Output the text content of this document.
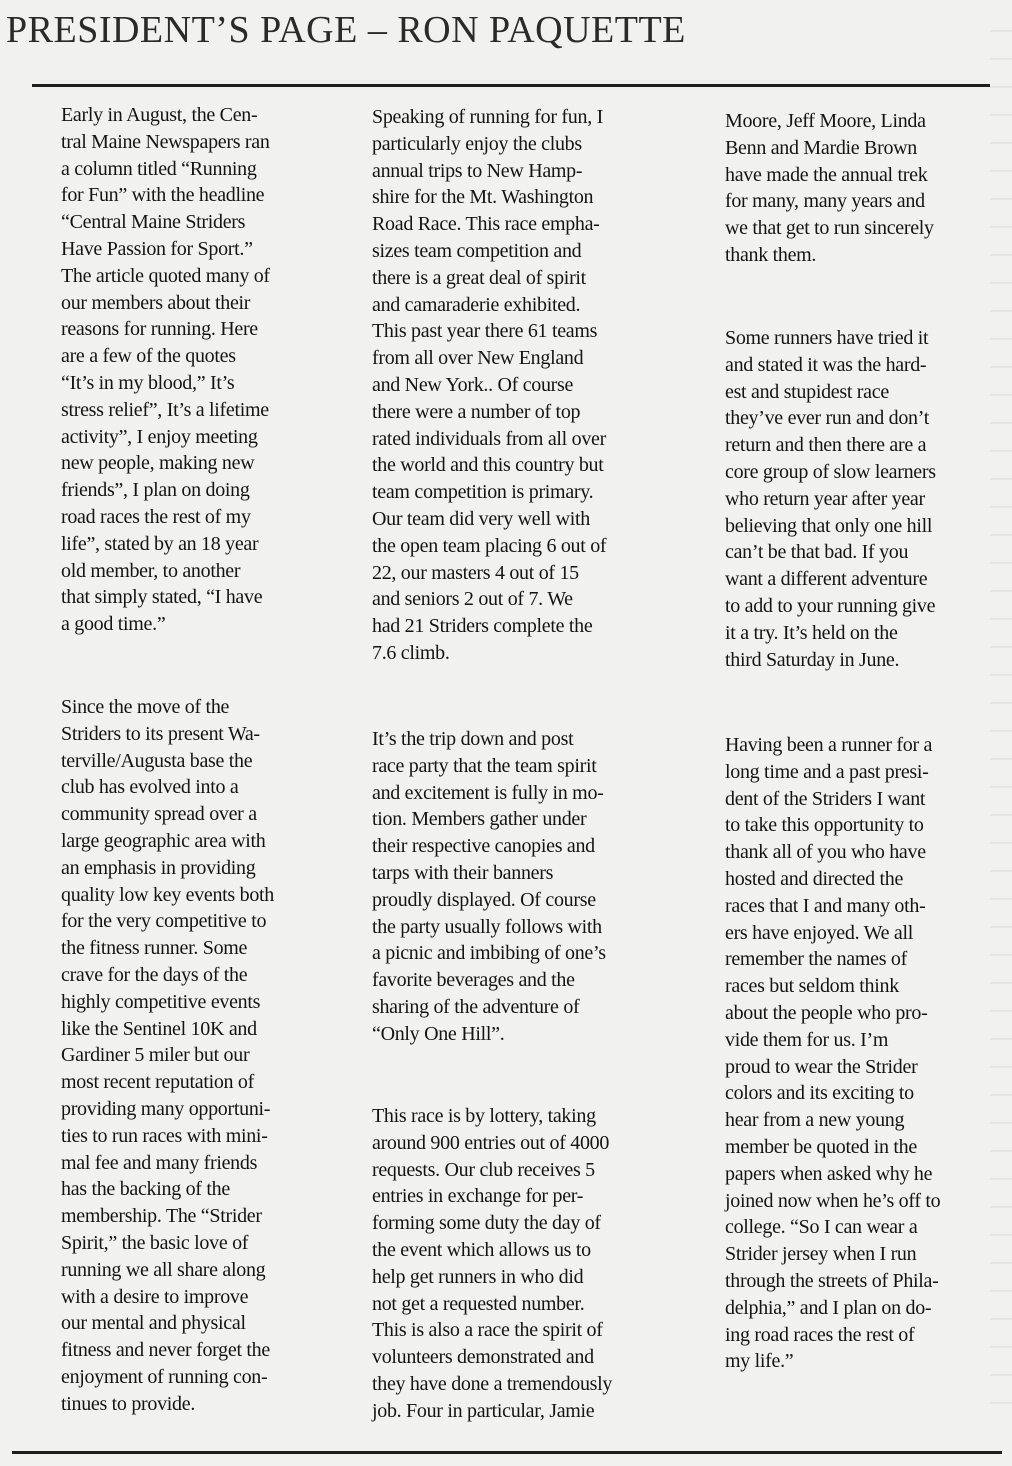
PRESIDENT’S PAGE – RON PAQUETTE

Early in August, the Cen-
tral Maine Newspapers ran
a column titled “Running
for Fun” with the headline
“Central Maine Striders
Have Passion for Sport.”
The article quoted many of
our members about their
reasons for running. Here
are a few of the quotes
“It’s in my blood,” It’s
stress relief”, It’s a lifetime
activity”, I enjoy meeting
new people, making new
friends”, I plan on doing
road races the rest of my
life”, stated by an 18 year
old member, to another
that simply stated, “I have
a good time.”

Since the move of the
Striders to its present Wa-
terville/Augusta base the
club has evolved into a
community spread over a
large geographic area with
an emphasis in providing
quality low key events both
for the very competitive to
the fitness runner. Some
crave for the days of the
highly competitive events
like the Sentinel 10K and
Gardiner 5 miler but our
most recent reputation of
providing many opportuni-
ties to run races with mini-
mal fee and many friends
has the backing of the
membership. The “Strider
Spirit,” the basic love of
running we all share along
with a desire to improve
our mental and physical
fitness and never forget the
enjoyment of running con-
tinues to provide.

Speaking of running for fun, I
particularly enjoy the clubs
annual trips to New Hamp-
shire for the Mt. Washington
Road Race. This race empha-
sizes team competition and
there is a great deal of spirit
and camaraderie exhibited.
This past year there 61 teams
from all over New England
and New York.. Of course
there were a number of top
rated individuals from all over
the world and this country but
team competition is primary.
Our team did very well with
the open team placing 6 out of
22, our masters 4 out of 15
and seniors 2 out of 7. We
had 21 Striders complete the
7.6 climb.

It’s the trip down and post
race party that the team spirit
and excitement is fully in mo-
tion. Members gather under
their respective canopies and
tarps with their banners
proudly displayed. Of course
the party usually follows with
a picnic and imbibing of one’s
favorite beverages and the
sharing of the adventure of
“Only One Hill”.

This race is by lottery, taking
around 900 entries out of 4000
requests. Our club receives 5
entries in exchange for per-
forming some duty the day of
the event which allows us to
help get runners in who did
not get a requested number.
This is also a race the spirit of
volunteers demonstrated and
they have done a tremendously
job. Four in particular, Jamie

Moore, Jeff Moore, Linda
Benn and Mardie Brown
have made the annual trek
for many, many years and
we that get to run sincerely
thank them.

Some runners have tried it
and stated it was the hard-
est and stupidest race
they’ve ever run and don’t
return and then there are a
core group of slow learners
who return year after year
believing that only one hill
can’t be that bad. If you
want a different adventure
to add to your running give
it a try. It’s held on the
third Saturday in June.

Having been a runner for a
long time and a past presi-
dent of the Striders I want
to take this opportunity to
thank all of you who have
hosted and directed the
races that I and many oth-
ers have enjoyed. We all
remember the names of
races but seldom think
about the people who pro-
vide them for us. I’m
proud to wear the Strider
colors and its exciting to
hear from a new young
member be quoted in the
papers when asked why he
joined now when he’s off to
college. “So I can wear a
Strider jersey when I run
through the streets of Phila-
delphia,” and I plan on do-
ing road races the rest of
my life.”
